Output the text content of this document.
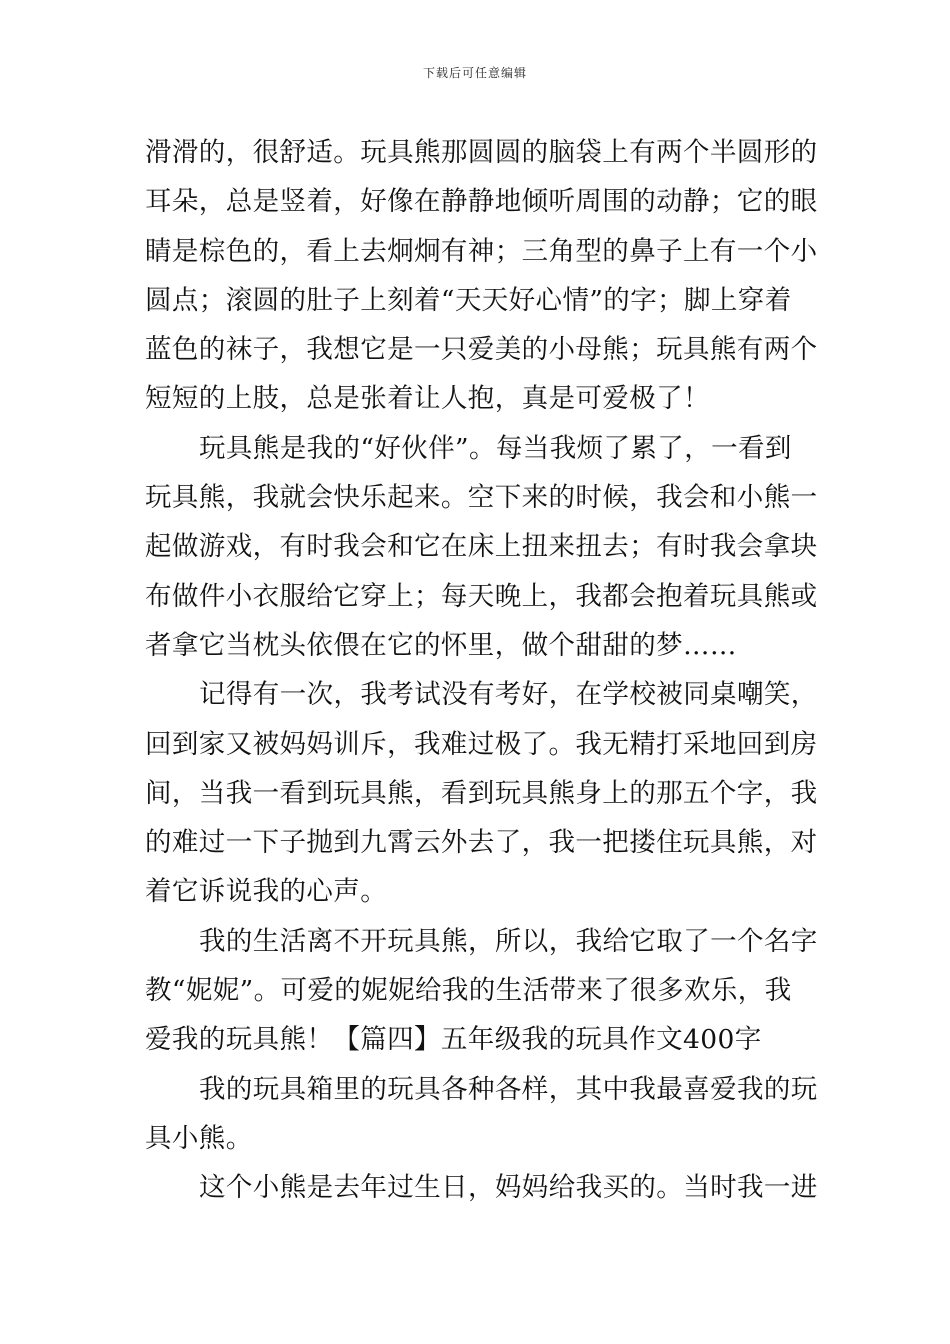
下载后可任意编辑
滑滑的，很舒适。玩具熊那圆圆的脑袋上有两个半圆形的
耳朵，总是竖着，好像在静静地倾听周围的动静；它的眼
睛是棕色的，看上去炯炯有神；三角型的鼻子上有一个小
圆点；滚圆的肚子上刻着“天天好心情”的字；脚上穿着
蓝色的袜子，我想它是一只爱美的小母熊；玩具熊有两个
短短的上肢，总是张着让人抱，真是可爱极了！
玩具熊是我的“好伙伴”。每当我烦了累了，一看到
玩具熊，我就会快乐起来。空下来的时候，我会和小熊一
起做游戏，有时我会和它在床上扭来扭去；有时我会拿块
布做件小衣服给它穿上；每天晚上，我都会抱着玩具熊或
者拿它当枕头依偎在它的怀里，做个甜甜的梦……
记得有一次，我考试没有考好，在学校被同桌嘲笑，
回到家又被妈妈训斥，我难过极了。我无精打采地回到房
间，当我一看到玩具熊，看到玩具熊身上的那五个字，我
的难过一下子抛到九霄云外去了，我一把搂住玩具熊，对
着它诉说我的心声。
我的生活离不开玩具熊，所以，我给它取了一个名字
教“妮妮”。可爱的妮妮给我的生活带来了很多欢乐，我
爱我的玩具熊！【篇四】五年级我的玩具作文400字
我的玩具箱里的玩具各种各样，其中我最喜爱我的玩
具小熊。
这个小熊是去年过生日，妈妈给我买的。当时我一进
